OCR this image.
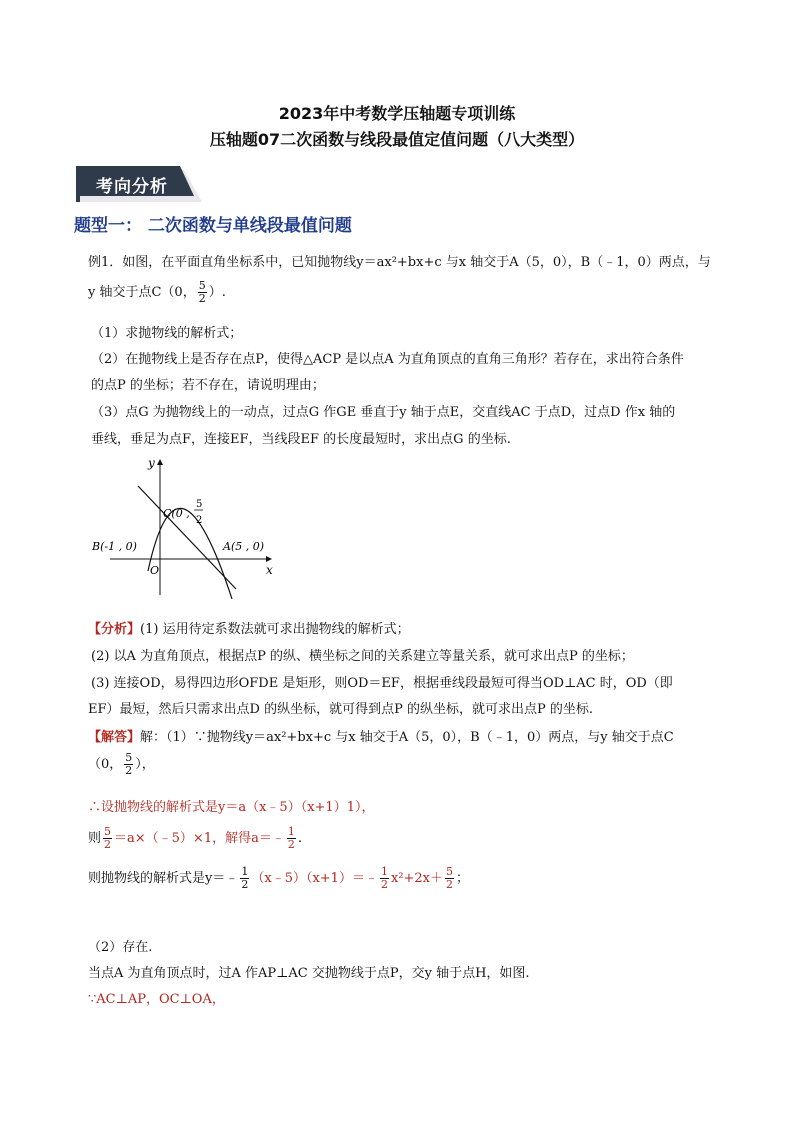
2023年中考数学压轴题专项训练
压轴题07二次函数与线段最值定值问题（八大类型）
考向分析
题型一： 二次函数与单线段最值问题
例1．如图，在平面直角坐标系中，已知抛物线y＝ax²+bx+c 与x 轴交于A（5，0），B（﹣1，0）两点，与
y 轴交于点C（0， $\frac{5}{2}$ ）.
（1）求抛物线的解析式；
（2）在抛物线上是否存在点P，使得△ACP 是以点A 为直角顶点的直角三角形？若存在，求出符合条件
的点P 的坐标；若不存在，请说明理由；
（3）点G 为抛物线上的一动点，过点G 作GE 垂直于y 轴于点E，交直线AC 于点D，过点D 作x 轴的
垂线，垂足为点F，连接EF，当线段EF 的长度最短时，求出点G 的坐标.
y
x
O
C(0 ,
5
2
B(-1 , 0)	A(5 , 0)
【分析】(1) 运用待定系数法就可求出抛物线的解析式；
(2) 以A 为直角顶点，根据点P 的纵、横坐标之间的关系建立等量关系，就可求出点P 的坐标；
(3) 连接OD，易得四边形OFDE 是矩形，则OD＝EF，根据垂线段最短可得当OD⊥AC 时，OD（即
EF）最短，然后只需求出点D 的纵坐标，就可得到点P 的纵坐标，就可求出点P 的坐标.
【解答】解：（1）∵抛物线y＝ax²+bx+c 与x 轴交于A（5，0），B（﹣1，0）两点，与y 轴交于点C
（0， $\frac{5}{2}$ ），
∴设抛物线的解析式是y＝a（x﹣5）（x+1）1），
则 $\frac{5}{2}$ ＝a×（﹣5）×1，解得a＝﹣ $\frac{1}{2}$ .
则抛物线的解析式是y＝﹣ $\frac{1}{2}$ （x﹣5）（x+1）＝﹣ $\frac{1}{2} x^2+2x+ \frac{5}{2}$ ；
（2）存在.
当点A 为直角顶点时，过A 作AP⊥AC 交抛物线于点P，交y 轴于点H，如图.
∵AC⊥AP，OC⊥OA，
